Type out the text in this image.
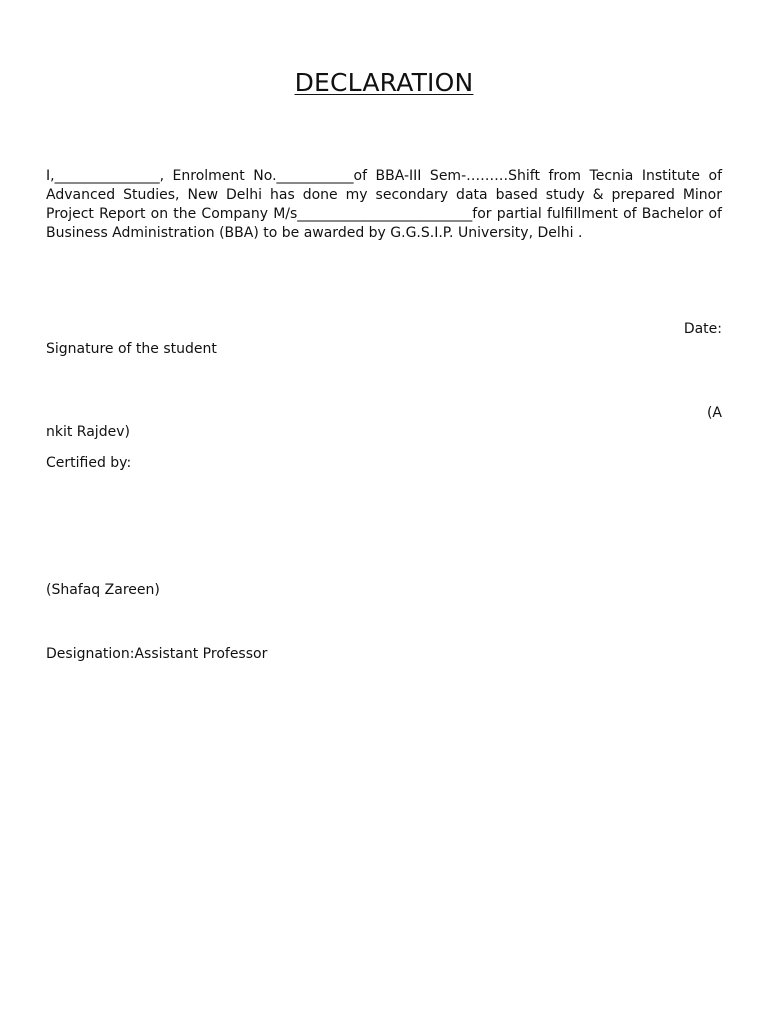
DECLARATION
I,_______________, Enrolment No.___________of BBA-III Sem-………Shift from Tecnia Institute of Advanced Studies, New Delhi has done my secondary data based study & prepared Minor Project Report on the Company M/s_________________________for partial fulfillment of Bachelor of Business Administration (BBA) to be awarded by G.G.S.I.P. University, Delhi .
Date:
Signature of the student
(A
nkit Rajdev)
Certified by:
(Shafaq Zareen)
Designation:Assistant Professor
